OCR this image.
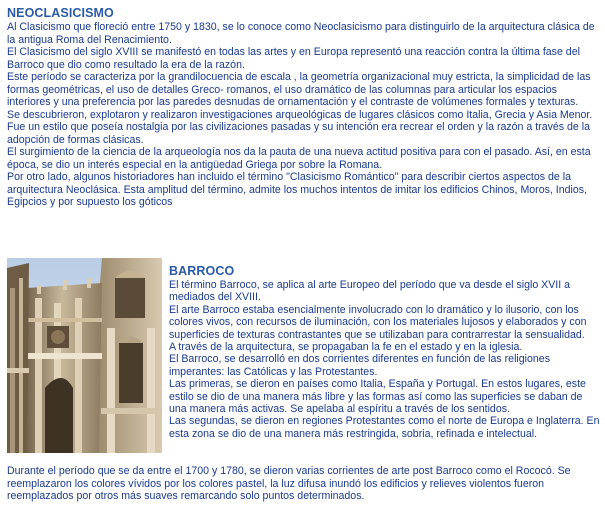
NEOCLASICISMO

Al Clasicismo que floreció entre 1750 y 1830, se lo conoce como Neoclasicismo para distinguirlo de la arquitectura clásica de la antigua Roma del Renacimiento.

El Clasicismo del siglo XVIII se manifestó en todas las artes y en Europa representó una reacción contra la última fase del Barroco que dio como resultado la era de la razón.

Este período se caracteriza por la grandilocuencia de escala , la geometría organizacional muy estricta, la simplicidad de las formas geométricas, el uso de detalles Greco- romanos, el uso dramático de las columnas para articular los espacios interiores y una preferencia por las paredes desnudas de ornamentación y el contraste de volúmenes formales y texturas.

Se descubrieron, explotaron y realizaron investigaciones arqueológicas de lugares clásicos como Italia, Grecia y Asia Menor. Fue un estilo que poseía nostalgia por las civilizaciones pasadas y su intención era recrear el orden y la razón a través de la adopción de formas clásicas.

El surgimiento de la ciencia de la arqueología nos da la pauta de una nueva actitud positiva para con el pasado. Así, en esta época, se dio un interés especial en la antigüedad Griega por sobre la Romana.

Por otro lado, algunos historiadores han incluido el término "Clasicismo Romántico" para describir ciertos aspectos de la arquitectura Neoclásica. Esta amplitud del término, admite los muchos intentos de imitar los edificios Chinos, Moros, Indios, Egipcios y por supuesto los góticos

BARROCO

El término Barroco, se aplica al arte Europeo del período que va desde el siglo XVII a mediados del XVIII.

El arte Barroco estaba esencialmente involucrado con lo dramático y lo ilusorio, con los colores vivos, con recursos de iluminación, con los materiales lujosos y elaborados y con superficies de texturas contrastantes que se utilizaban para contrarrestar la sensualidad.

A través de la arquitectura, se propagaban la fe en el estado y en la iglesia.

El Barroco, se desarrolló en dos corrientes diferentes en función de las religiones imperantes: las Católicas y las Protestantes.

Las primeras, se dieron en países como Italia, España y Portugal. En estos lugares, este estilo se dio de una manera más libre y las formas así como las superficies se daban de una manera más activas. Se apelaba al espíritu a través de los sentidos.

Las segundas, se dieron en regiones Protestantes como el norte de Europa e Inglaterra. En esta zona se dio de una manera más restringida, sobria, refinada e intelectual.

Durante el período que se da entre el 1700 y 1780, se dieron varias corrientes de arte post Barroco como el Rococó. Se reemplazaron los colores vívidos por los colores pastel, la luz difusa inundó los edificios y relieves violentos fueron reemplazados por otros más suaves remarcando solo puntos determinados.
